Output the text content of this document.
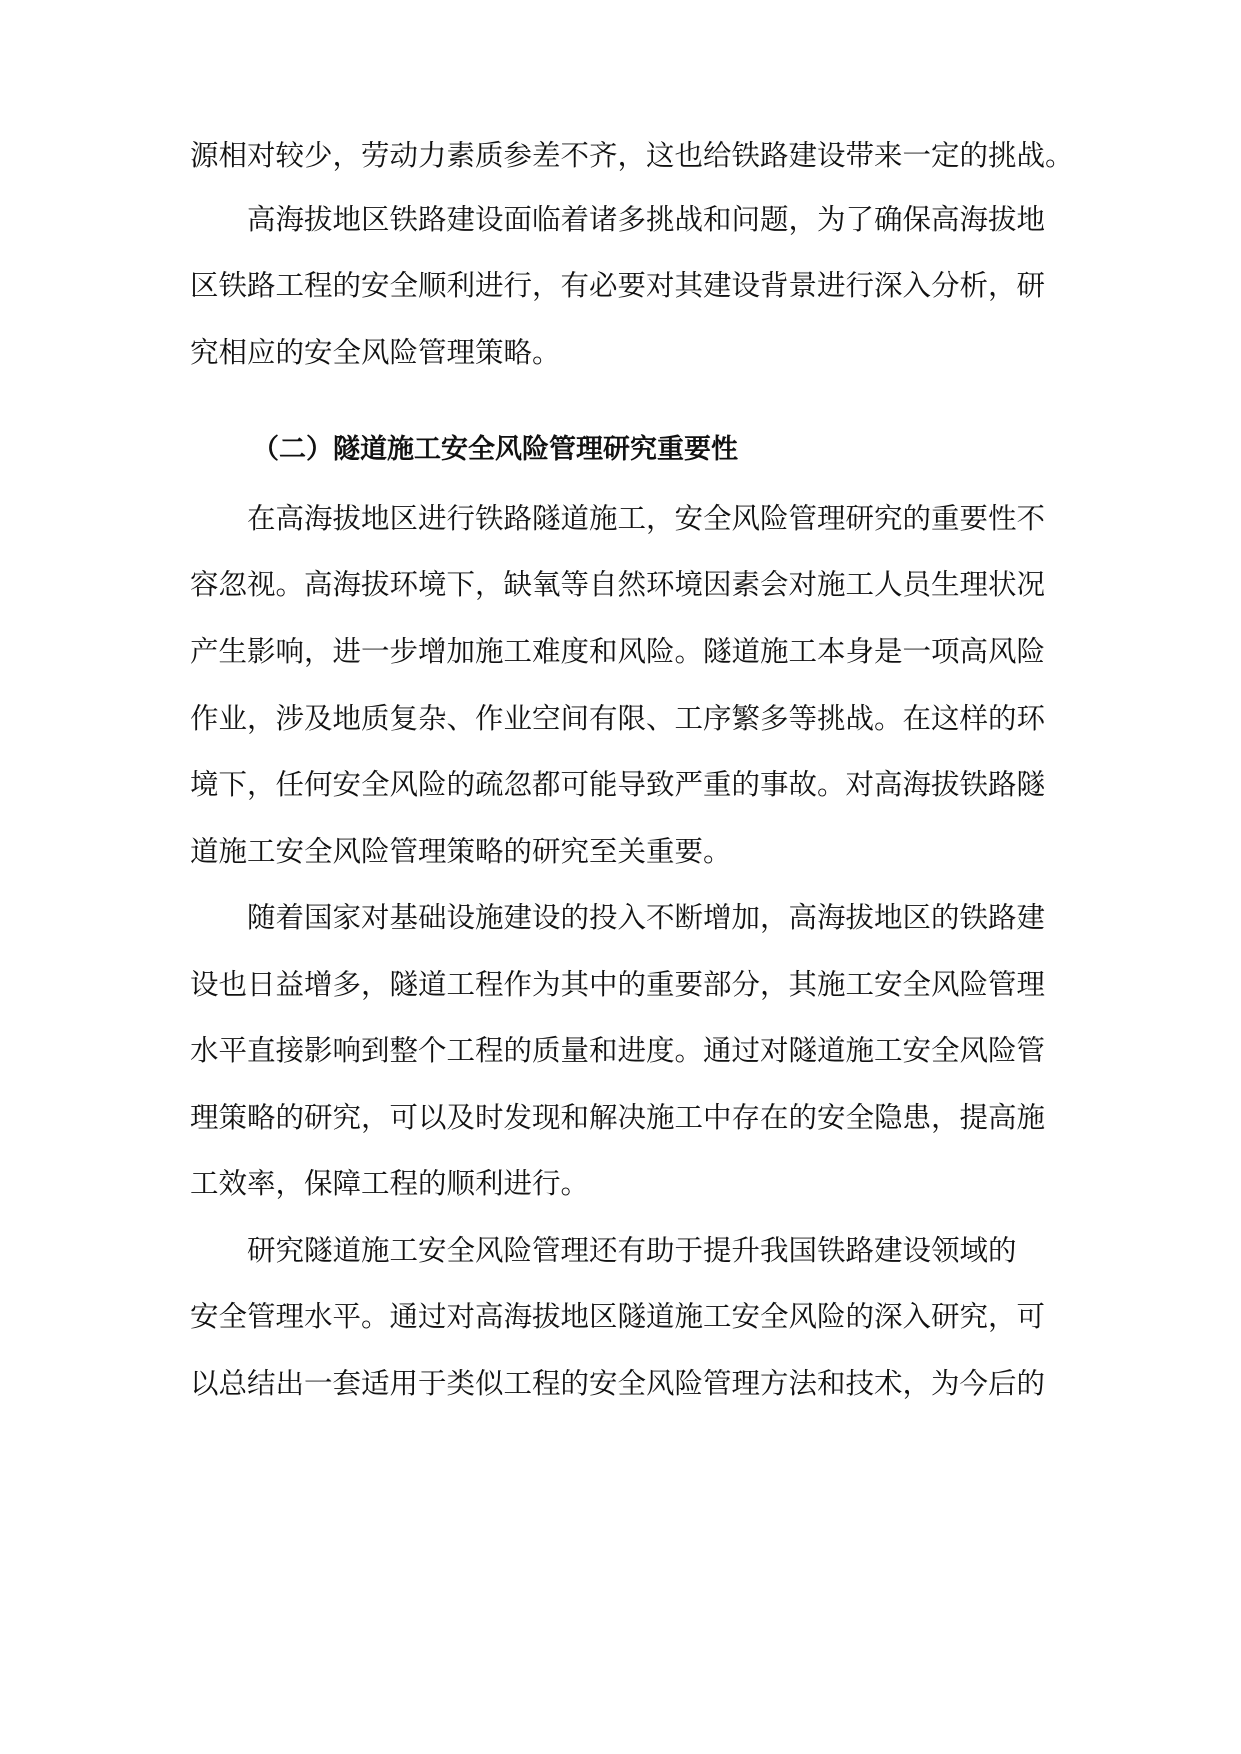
源相对较少，劳动力素质参差不齐，这也给铁路建设带来一定的挑战。
高海拔地区铁路建设面临着诸多挑战和问题，为了确保高海拔地
区铁路工程的安全顺利进行，有必要对其建设背景进行深入分析，研
究相应的安全风险管理策略。
（二）隧道施工安全风险管理研究重要性
在高海拔地区进行铁路隧道施工，安全风险管理研究的重要性不
容忽视。高海拔环境下，缺氧等自然环境因素会对施工人员生理状况
产生影响，进一步增加施工难度和风险。隧道施工本身是一项高风险
作业，涉及地质复杂、作业空间有限、工序繁多等挑战。在这样的环
境下，任何安全风险的疏忽都可能导致严重的事故。对高海拔铁路隧
道施工安全风险管理策略的研究至关重要。
随着国家对基础设施建设的投入不断增加，高海拔地区的铁路建
设也日益增多，隧道工程作为其中的重要部分，其施工安全风险管理
水平直接影响到整个工程的质量和进度。通过对隧道施工安全风险管
理策略的研究，可以及时发现和解决施工中存在的安全隐患，提高施
工效率，保障工程的顺利进行。
研究隧道施工安全风险管理还有助于提升我国铁路建设领域的
安全管理水平。通过对高海拔地区隧道施工安全风险的深入研究，可
以总结出一套适用于类似工程的安全风险管理方法和技术，为今后的
